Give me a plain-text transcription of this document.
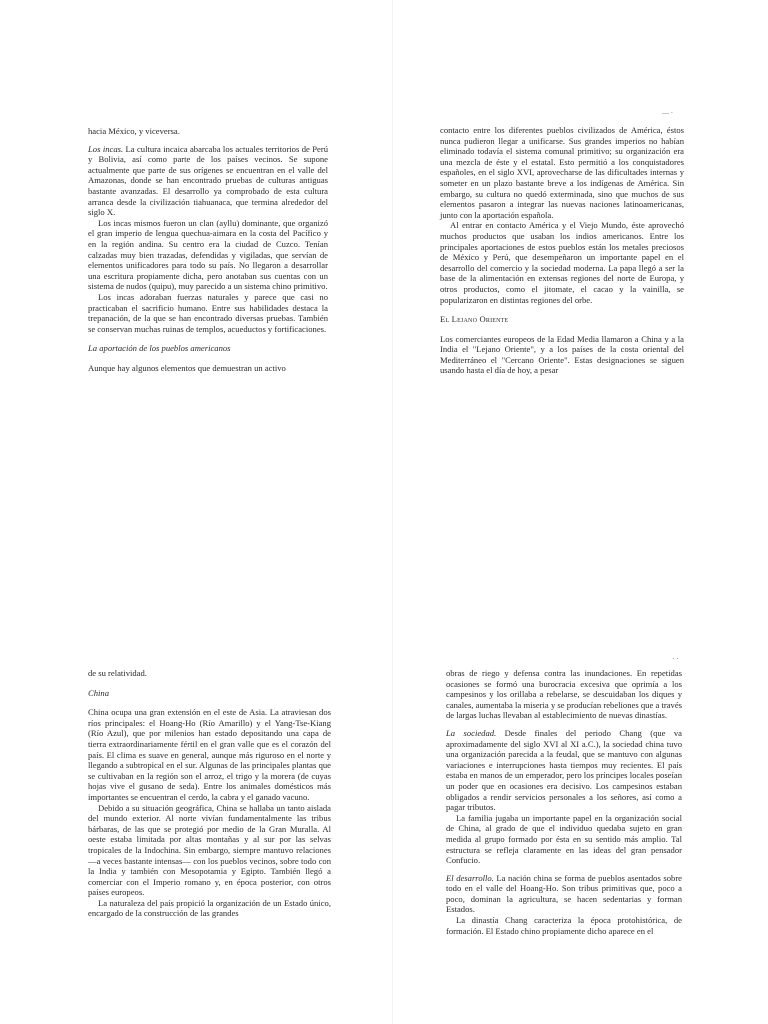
hacia México, y viceversa.

Los incas. La cultura incaica abarcaba los actuales territorios de Perú y Bolivia, así como parte de los países vecinos. Se supone actualmente que parte de sus orígenes se encuentran en el valle del Amazonas, donde se han encontrado pruebas de culturas antiguas bastante avanzadas. El desarrollo ya comprobado de esta cultura arranca desde la civilización tiahuanaca, que termina alrededor del siglo X.

Los incas mismos fueron un clan (ayllu) dominante, que organizó el gran imperio de lengua quechua-aimara en la costa del Pacífico y en la región andina. Su centro era la ciudad de Cuzco. Tenían calzadas muy bien trazadas, defendidas y vigiladas, que servían de elementos unificadores para todo su país. No llegaron a desarrollar una escritura propiamente dicha, pero anotaban sus cuentas con un sistema de nudos (quipu), muy parecido a un sistema chino primitivo.

Los incas adoraban fuerzas naturales y parece que casi no practicaban el sacrificio humano. Entre sus habilidades destaca la trepanación, de la que se han encontrado diversas pruebas. También se conservan muchas ruinas de templos, acueductos y fortificaciones.

La aportación de los pueblos americanos

Aunque hay algunos elementos que demuestran un activo

— ·

contacto entre los diferentes pueblos civilizados de América, éstos nunca pudieron llegar a unificarse. Sus grandes imperios no habían eliminado todavía el sistema comunal primitivo; su organización era una mezcla de éste y el estatal. Esto permitió a los conquistadores españoles, en el siglo XVI, aprovecharse de las dificultades internas y someter en un plazo bastante breve a los indígenas de América. Sin embargo, su cultura no quedó exterminada, sino que muchos de sus elementos pasaron a integrar las nuevas naciones latinoamericanas, junto con la aportación española.

Al entrar en contacto América y el Viejo Mundo, éste aprovechó muchos productos que usaban los indios americanos. Entre los principales aportaciones de estos pueblos están los metales preciosos de México y Perú, que desempeñaron un importante papel en el desarrollo del comercio y la sociedad moderna. La papa llegó a ser la base de la alimentación en extensas regiones del norte de Europa, y otros productos, como el jitomate, el cacao y la vainilla, se popularizaron en distintas regiones del orbe.

El Lejano Oriente

Los comerciantes europeos de la Edad Media llamaron a China y a la India el "Lejano Oriente", y a los países de la costa oriental del Mediterráneo el "Cercano Oriente". Estas designaciones se siguen usando hasta el día de hoy, a pesar

de su relatividad.

China

China ocupa una gran extensión en el este de Asia. La atraviesan dos ríos principales: el Hoang-Ho (Río Amarillo) y el Yang-Tse-Kiang (Río Azul), que por milenios han estado depositando una capa de tierra extraordinariamente fértil en el gran valle que es el corazón del país. El clima es suave en general, aunque más riguroso en el norte y llegando a subtropical en el sur. Algunas de las principales plantas que se cultivaban en la región son el arroz, el trigo y la morera (de cuyas hojas vive el gusano de seda). Entre los animales domésticos más importantes se encuentran el cerdo, la cabra y el ganado vacuno.

Debido a su situación geográfica, China se hallaba un tanto aislada del mundo exterior. Al norte vivían fundamentalmente las tribus bárbaras, de las que se protegió por medio de la Gran Muralla. Al oeste estaba limitada por altas montañas y al sur por las selvas tropicales de la Indochina. Sin embargo, siempre mantuvo relaciones —a veces bastante intensas— con los pueblos vecinos, sobre todo con la India y también con Mesopotamia y Egipto. También llegó a comerciar con el Imperio romano y, en época posterior, con otros países europeos.

La naturaleza del país propició la organización de un Estado único, encargado de la construcción de las grandes

· ·

obras de riego y defensa contra las inundaciones. En repetidas ocasiones se formó una burocracia excesiva que oprimía a los campesinos y los orillaba a rebelarse, se descuidaban los diques y canales, aumentaba la miseria y se producían rebeliones que a través de largas luchas llevaban al establecimiento de nuevas dinastías.

La sociedad. Desde finales del periodo Chang (que va aproximadamente del siglo XVI al XI a.C.), la sociedad china tuvo una organización parecida a la feudal, que se mantuvo con algunas variaciones e interrupciones hasta tiempos muy recientes. El país estaba en manos de un emperador, pero los príncipes locales poseían un poder que en ocasiones era decisivo. Los campesinos estaban obligados a rendir servicios personales a los señores, así como a pagar tributos.

La familia jugaba un importante papel en la organización social de China, al grado de que el individuo quedaba sujeto en gran medida al grupo formado por ésta en su sentido más amplio. Tal estructura se refleja claramente en las ideas del gran pensador Confucio.

El desarrollo. La nación china se forma de pueblos asentados sobre todo en el valle del Hoang-Ho. Son tribus primitivas que, poco a poco, dominan la agricultura, se hacen sedentarias y forman Estados.

La dinastía Chang caracteriza la época protohistórica, de formación. El Estado chino propiamente dicho aparece en el
